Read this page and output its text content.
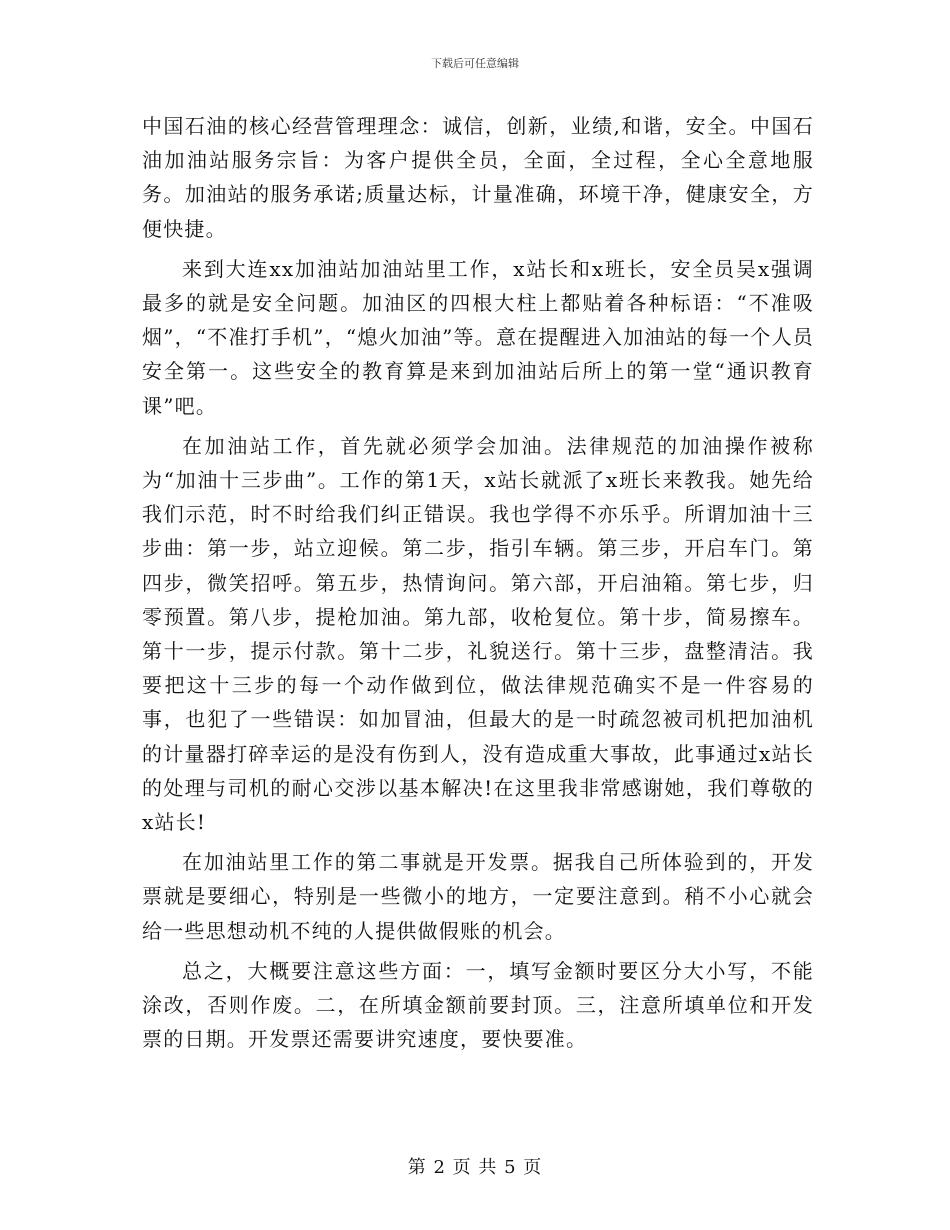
下载后可任意编辑

中国石油的核心经营管理理念：诚信，创新，业绩,和谐，安全。中国石油加油站服务宗旨：为客户提供全员，全面，全过程，全心全意地服务。加油站的服务承诺;质量达标，计量准确，环境干净，健康安全，方便快捷。

来到大连xx加油站加油站里工作，x站长和x班长，安全员吴x强调最多的就是安全问题。加油区的四根大柱上都贴着各种标语：“不准吸烟”，“不准打手机”，“熄火加油”等。意在提醒进入加油站的每一个人员安全第一。这些安全的教育算是来到加油站后所上的第一堂“通识教育课”吧。

在加油站工作，首先就必须学会加油。法律规范的加油操作被称为“加油十三步曲”。工作的第1天，x站长就派了x班长来教我。她先给我们示范，时不时给我们纠正错误。我也学得不亦乐乎。所谓加油十三步曲：第一步，站立迎候。第二步，指引车辆。第三步，开启车门。第四步，微笑招呼。第五步，热情询问。第六部，开启油箱。第七步，归零预置。第八步，提枪加油。第九部，收枪复位。第十步，简易擦车。第十一步，提示付款。第十二步，礼貌送行。第十三步，盘整清洁。我要把这十三步的每一个动作做到位，做法律规范确实不是一件容易的事，也犯了一些错误：如加冒油，但最大的是一时疏忽被司机把加油机的计量器打碎幸运的是没有伤到人，没有造成重大事故，此事通过x站长的处理与司机的耐心交涉以基本解决!在这里我非常感谢她，我们尊敬的x站长!

在加油站里工作的第二事就是开发票。据我自己所体验到的，开发票就是要细心，特别是一些微小的地方，一定要注意到。稍不小心就会给一些思想动机不纯的人提供做假账的机会。

总之，大概要注意这些方面：一，填写金额时要区分大小写，不能涂改，否则作废。二，在所填金额前要封顶。三，注意所填单位和开发票的日期。开发票还需要讲究速度，要快要准。

第 2 页 共 5 页
